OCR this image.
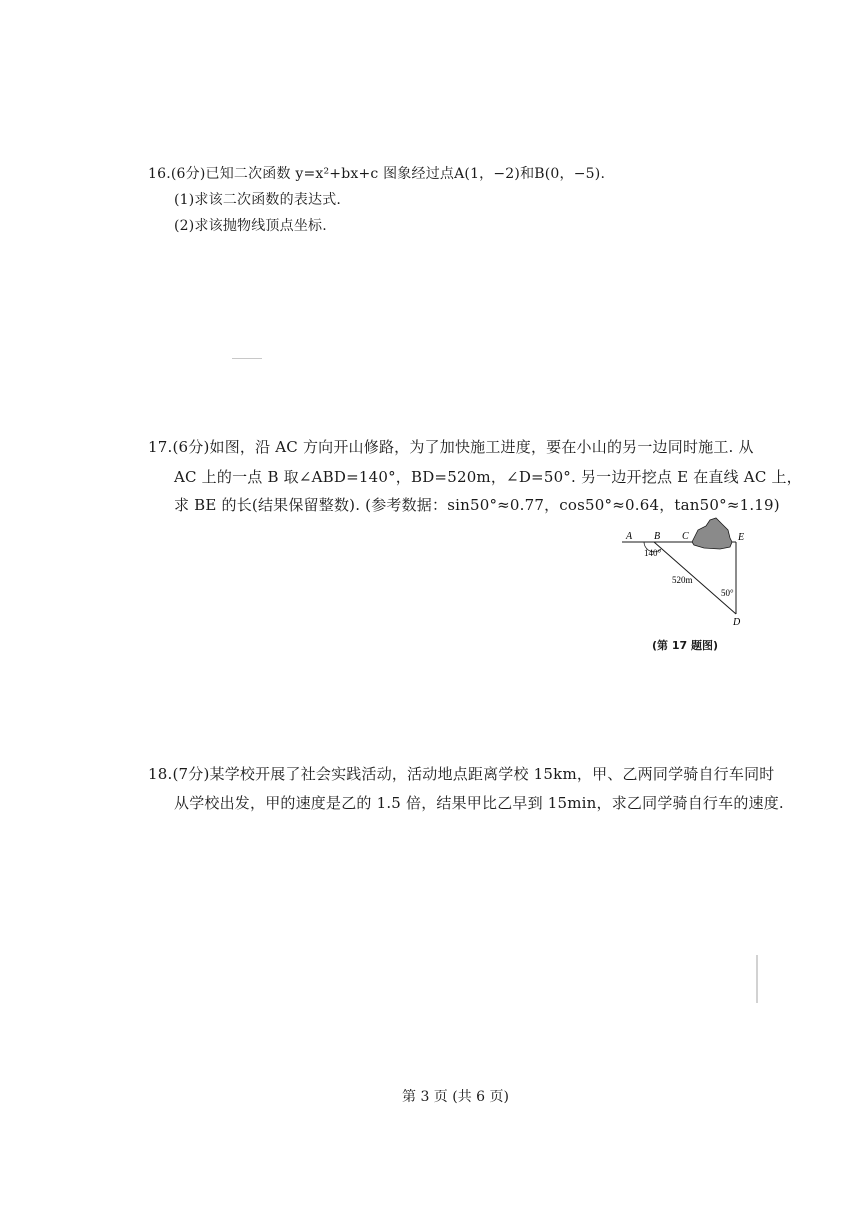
16.(6分)已知二次函数 y=x²+bx+c 图象经过点A(1，−2)和B(0，−5).
(1)求该二次函数的表达式.
(2)求该抛物线顶点坐标.
17.(6分)如图，沿 AC 方向开山修路，为了加快施工进度，要在小山的另一边同时施工. 从
AC 上的一点 B 取∠ABD=140°，BD=520m，∠D=50°. 另一边开挖点 E 在直线 AC 上，
求 BE 的长(结果保留整数). (参考数据：sin50°≈0.77，cos50°≈0.64，tan50°≈1.19)
A B C	E
D
140°
520m
50°
(第 17 题图)
18.(7分)某学校开展了社会实践活动，活动地点距离学校 15km，甲、乙两同学骑自行车同时
从学校出发，甲的速度是乙的 1.5 倍，结果甲比乙早到 15min，求乙同学骑自行车的速度.
第 3 页 (共 6 页)
